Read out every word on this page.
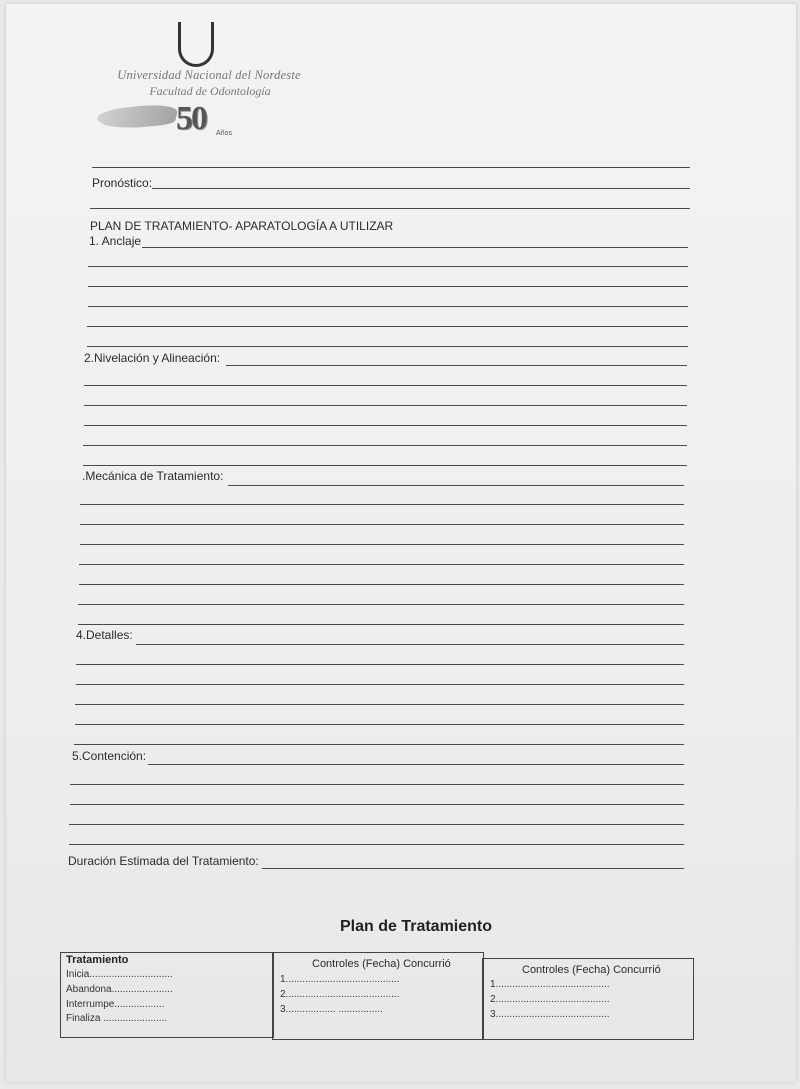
Universidad Nacional del Nordeste
Facultad de Odontología
50 Años
Pronóstico:
PLAN DE TRATAMIENTO- APARATOLOGÍA A UTILIZAR
1. Anclaje
2.Nivelación y Alineación:
.Mecánica de Tratamiento:
4.Detalles:
5.Contención:
Duración Estimada del Tratamiento:
Plan de Tratamiento
Tratamiento
Inicia..............................
Abandona......................
Interrumpe..................
Finaliza .......................
Controles (Fecha) Concurrió
1.........................................
2.........................................
3.................. ................
Controles (Fecha) Concurrió
1.........................................
2.........................................
3.........................................
